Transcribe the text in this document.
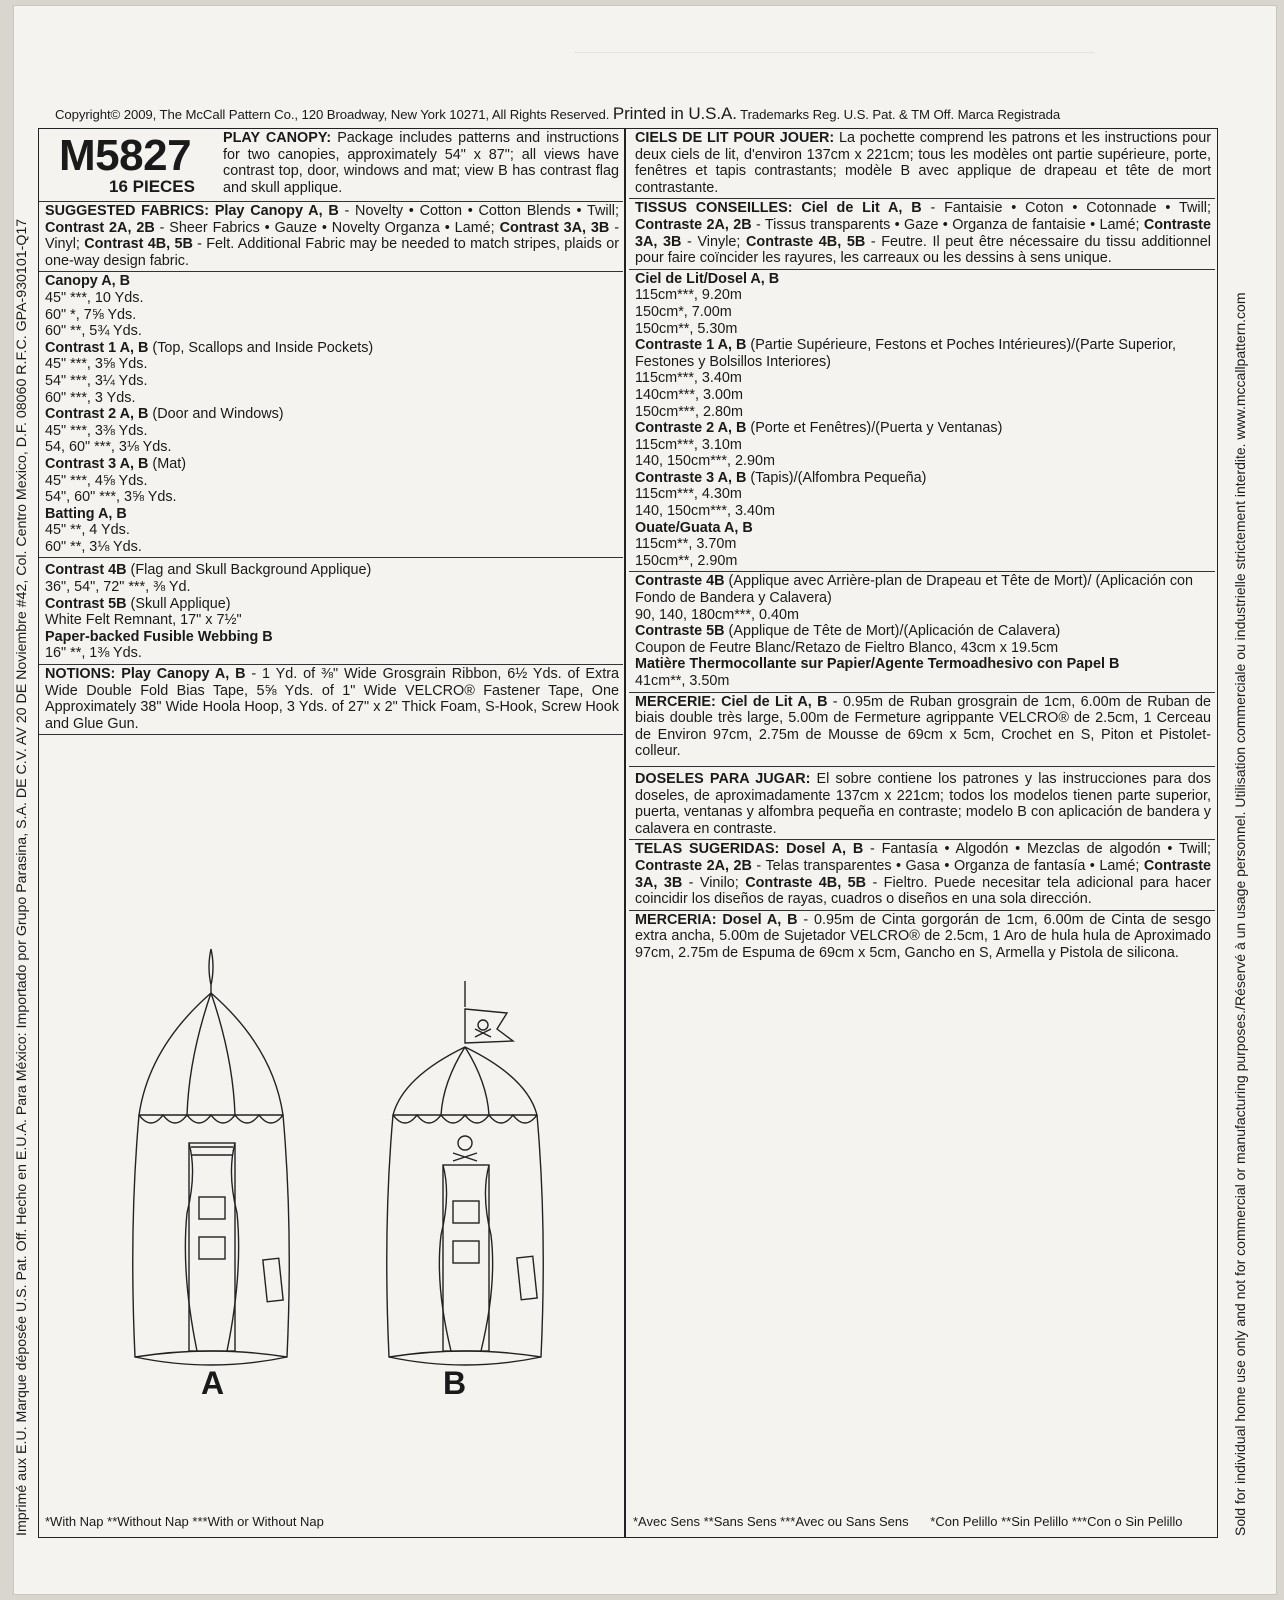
Copyright© 2009, The McCall Pattern Co., 120 Broadway, New York 10271, All Rights Reserved. Printed in U.S.A. Trademarks Reg. U.S. Pat. & TM Off. Marca Registrada
Imprimé aux E.U. Marque déposée U.S. Pat. Off. Hecho en E.U.A. Para México: Importado por Grupo Parasina, S.A. DE C.V. AV 20 DE Noviembre #42, Col. Centro Mexico, D.F. 08060 R.F.C. GPA-930101-Q17	Sold for individual home use only and not for commercial or manufacturing purposes./Réservé à un usage personnel. Utilisation commerciale ou industrielle strictement interdite. www.mccallpattern.com
M5827
16 PIECES
PLAY CANOPY: Package includes patterns and instructions for two canopies, approximately 54" x 87"; all views have contrast top, door, windows and mat; view B has contrast flag and skull applique.
SUGGESTED FABRICS: Play Canopy A, B - Novelty • Cotton • Cotton Blends • Twill; Contrast 2A, 2B - Sheer Fabrics • Gauze • Novelty Organza • Lamé; Contrast 3A, 3B - Vinyl; Contrast 4B, 5B - Felt. Additional Fabric may be needed to match stripes, plaids or one-way design fabric.
Canopy A, B
45" ***, 10 Yds.
60" *, 7⅝ Yds.
60" **, 5¾ Yds.
Contrast 1 A, B (Top, Scallops and Inside Pockets)
45" ***, 3⅝ Yds.
54" ***, 3¼ Yds.
60" ***, 3 Yds.
Contrast 2 A, B (Door and Windows)
45" ***, 3⅜ Yds.
54, 60" ***, 3⅛ Yds.
Contrast 3 A, B (Mat)
45" ***, 4⅝ Yds.
54", 60" ***, 3⅝ Yds.
Batting A, B
45" **, 4 Yds.
60" **, 3⅛ Yds.
Contrast 4B (Flag and Skull Background Applique)
36", 54", 72" ***, ⅜ Yd.
Contrast 5B (Skull Applique)
White Felt Remnant, 17" x 7½"
Paper-backed Fusible Webbing B
16" **, 1⅜ Yds.
NOTIONS: Play Canopy A, B - 1 Yd. of ⅜" Wide Grosgrain Ribbon, 6½ Yds. of Extra Wide Double Fold Bias Tape, 5⅝ Yds. of 1" Wide VELCRO® Fastener Tape, One Approximately 38" Wide Hoola Hoop, 3 Yds. of 27" x 2" Thick Foam, S-Hook, Screw Hook and Glue Gun.
A	B
*With Nap **Without Nap ***With or Without Nap
CIELS DE LIT POUR JOUER: La pochette comprend les patrons et les instructions pour deux ciels de lit, d'environ 137cm x 221cm; tous les modèles ont partie supérieure, porte, fenêtres et tapis contrastants; modèle B avec applique de drapeau et tête de mort contrastante.
TISSUS CONSEILLES: Ciel de Lit A, B - Fantaisie • Coton • Cotonnade • Twill; Contraste 2A, 2B - Tissus transparents • Gaze • Organza de fantaisie • Lamé; Contraste 3A, 3B - Vinyle; Contraste 4B, 5B - Feutre. Il peut être nécessaire du tissu additionnel pour faire coïncider les rayures, les carreaux ou les dessins à sens unique.
Ciel de Lit/Dosel A, B
115cm***, 9.20m
150cm*, 7.00m
150cm**, 5.30m
Contraste 1 A, B (Partie Supérieure, Festons et Poches Intérieures)/(Parte Superior, Festones y Bolsillos Interiores)
115cm***, 3.40m
140cm***, 3.00m
150cm***, 2.80m
Contraste 2 A, B (Porte et Fenêtres)/(Puerta y Ventanas)
115cm***, 3.10m
140, 150cm***, 2.90m
Contraste 3 A, B (Tapis)/(Alfombra Pequeña)
115cm***, 4.30m
140, 150cm***, 3.40m
Ouate/Guata A, B
115cm**, 3.70m
150cm**, 2.90m
Contraste 4B (Applique avec Arrière-plan de Drapeau et Tête de Mort)/ (Aplicación con Fondo de Bandera y Calavera)
90, 140, 180cm***, 0.40m
Contraste 5B (Applique de Tête de Mort)/(Aplicación de Calavera)
Coupon de Feutre Blanc/Retazo de Fieltro Blanco, 43cm x 19.5cm
Matière Thermocollante sur Papier/Agente Termoadhesivo con Papel B
41cm**, 3.50m
MERCERIE: Ciel de Lit A, B - 0.95m de Ruban grosgrain de 1cm, 6.00m de Ruban de biais double très large, 5.00m de Fermeture agrippante VELCRO® de 2.5cm, 1 Cerceau de Environ 97cm, 2.75m de Mousse de 69cm x 5cm, Crochet en S, Piton et Pistolet-colleur.
DOSELES PARA JUGAR: El sobre contiene los patrones y las instrucciones para dos doseles, de aproximadamente 137cm x 221cm; todos los modelos tienen parte superior, puerta, ventanas y alfombra pequeña en contraste; modelo B con aplicación de bandera y calavera en contraste.
TELAS SUGERIDAS: Dosel A, B - Fantasía • Algodón • Mezclas de algodón • Twill; Contraste 2A, 2B - Telas transparentes • Gasa • Organza de fantasía • Lamé; Contraste 3A, 3B - Vinilo; Contraste 4B, 5B - Fieltro. Puede necesitar tela adicional para hacer coincidir los diseños de rayas, cuadros o diseños en una sola dirección.
MERCERIA: Dosel A, B - 0.95m de Cinta gorgorán de 1cm, 6.00m de Cinta de sesgo extra ancha, 5.00m de Sujetador VELCRO® de 2.5cm, 1 Aro de hula hula de Aproximado 97cm, 2.75m de Espuma de 69cm x 5cm, Gancho en S, Armella y Pistola de silicona.
*Avec Sens **Sans Sens ***Avec ou Sans Sens *Con Pelillo **Sin Pelillo ***Con o Sin Pelillo
